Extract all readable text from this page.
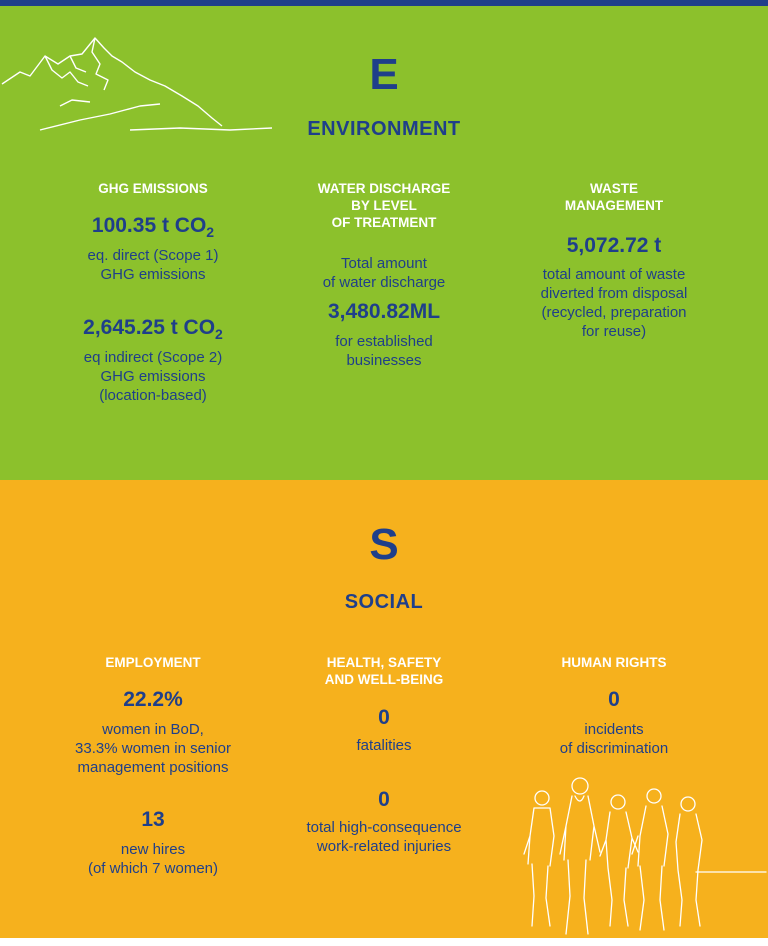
E
ENVIRONMENT
GHG EMISSIONS
100.35 t $CO_2$
eq. direct (Scope 1)
GHG emissions
2,645.25 t $CO_2$
eq indirect (Scope 2)
GHG emissions
(location-based)
WATER DISCHARGE
BY LEVEL
OF TREATMENT
Total amount
of water discharge
3,480.82ML
for established
businesses
WASTE
MANAGEMENT
5,072.72 t
total amount of waste
diverted from disposal
(recycled, preparation
for reuse)
S
SOCIAL
EMPLOYMENT
22.2%
women in BoD,
33.3% women in senior
management positions
13
new hires
(of which 7 women)
HEALTH, SAFETY
AND WELL-BEING
0
fatalities
0
total high-consequence
work-related injuries
HUMAN RIGHTS
0
incidents
of discrimination
